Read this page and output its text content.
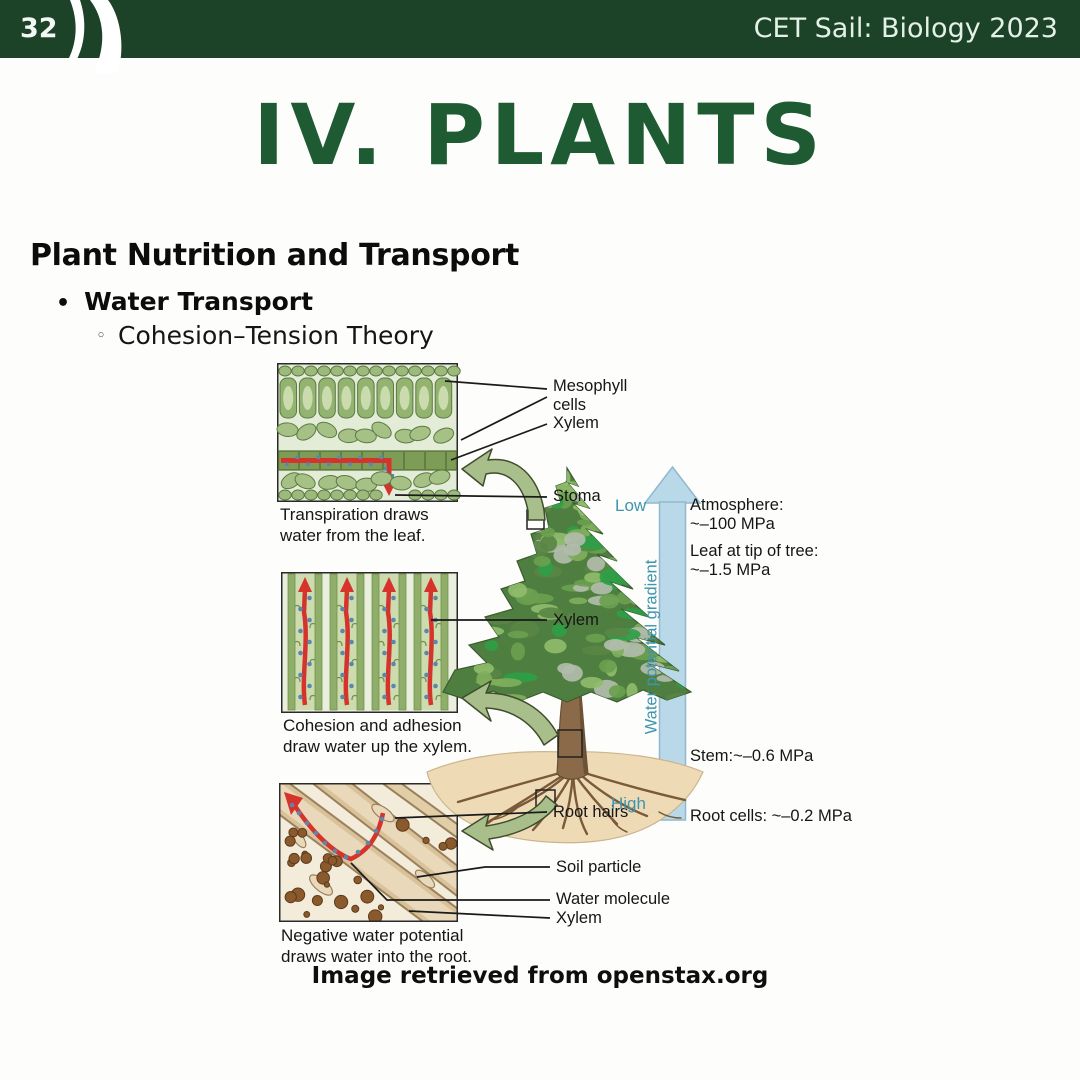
32	CET Sail: Biology 2023
IV. PLANTS
Plant Nutrition and Transport
• Water Transport
◦ Cohesion–Tension Theory
Transpiration draws
water from the leaf.
Mesophyll
cells
Xylem
Stoma
Cohesion and adhesion
draw water up the xylem.
Xylem
Negative water potential
draws water into the root.
Root hairs
Soil particle
Water molecule
Xylem
Low
High
Water potential gradient
Atmosphere:
~–100 MPa
Leaf at tip of tree:
~–1.5 MPa
Stem:~–0.6 MPa
Root cells: ~–0.2 MPa
Image retrieved from openstax.org
